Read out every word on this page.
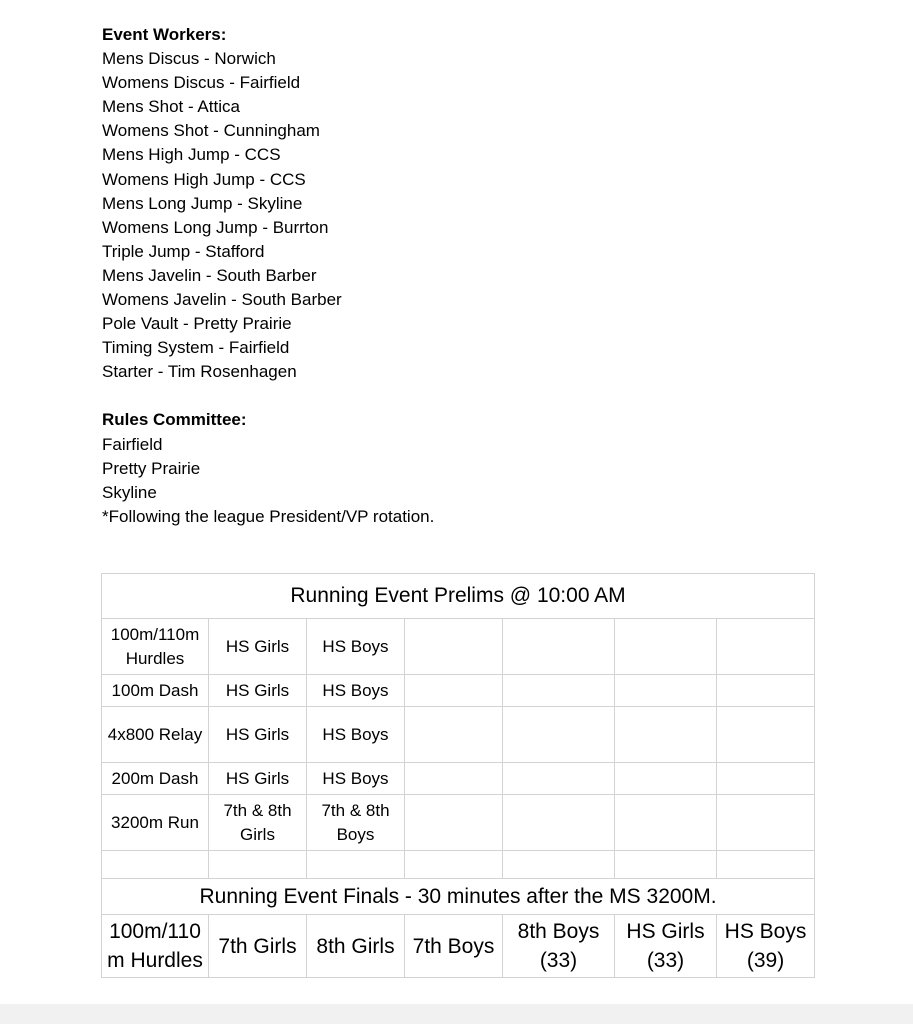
Event Workers:
Mens Discus - Norwich
Womens Discus - Fairfield
Mens Shot - Attica
Womens Shot - Cunningham
Mens High Jump - CCS
Womens High Jump - CCS
Mens Long Jump - Skyline
Womens Long Jump - Burrton
Triple Jump - Stafford
Mens Javelin - South Barber
Womens Javelin - South Barber
Pole Vault - Pretty Prairie
Timing System - Fairfield
Starter - Tim Rosenhagen
Rules Committee:
Fairfield
Pretty Prairie
Skyline
*Following the league President/VP rotation.
Running Event Prelims @ 10:00 AM						
100m/110m Hurdles	HS Girls	HS Boys				
100m Dash	HS Girls	HS Boys				
4x800 Relay	HS Girls	HS Boys				
200m Dash	HS Girls	HS Boys				
3200m Run	7th & 8th Girls	7th & 8th Boys				

Running Event Finals - 30 minutes after the MS 3200M.						
100m/110 m Hurdles	7th Girls	8th Girls	7th Boys	8th Boys (33)	HS Girls (33)	HS Boys (39)
